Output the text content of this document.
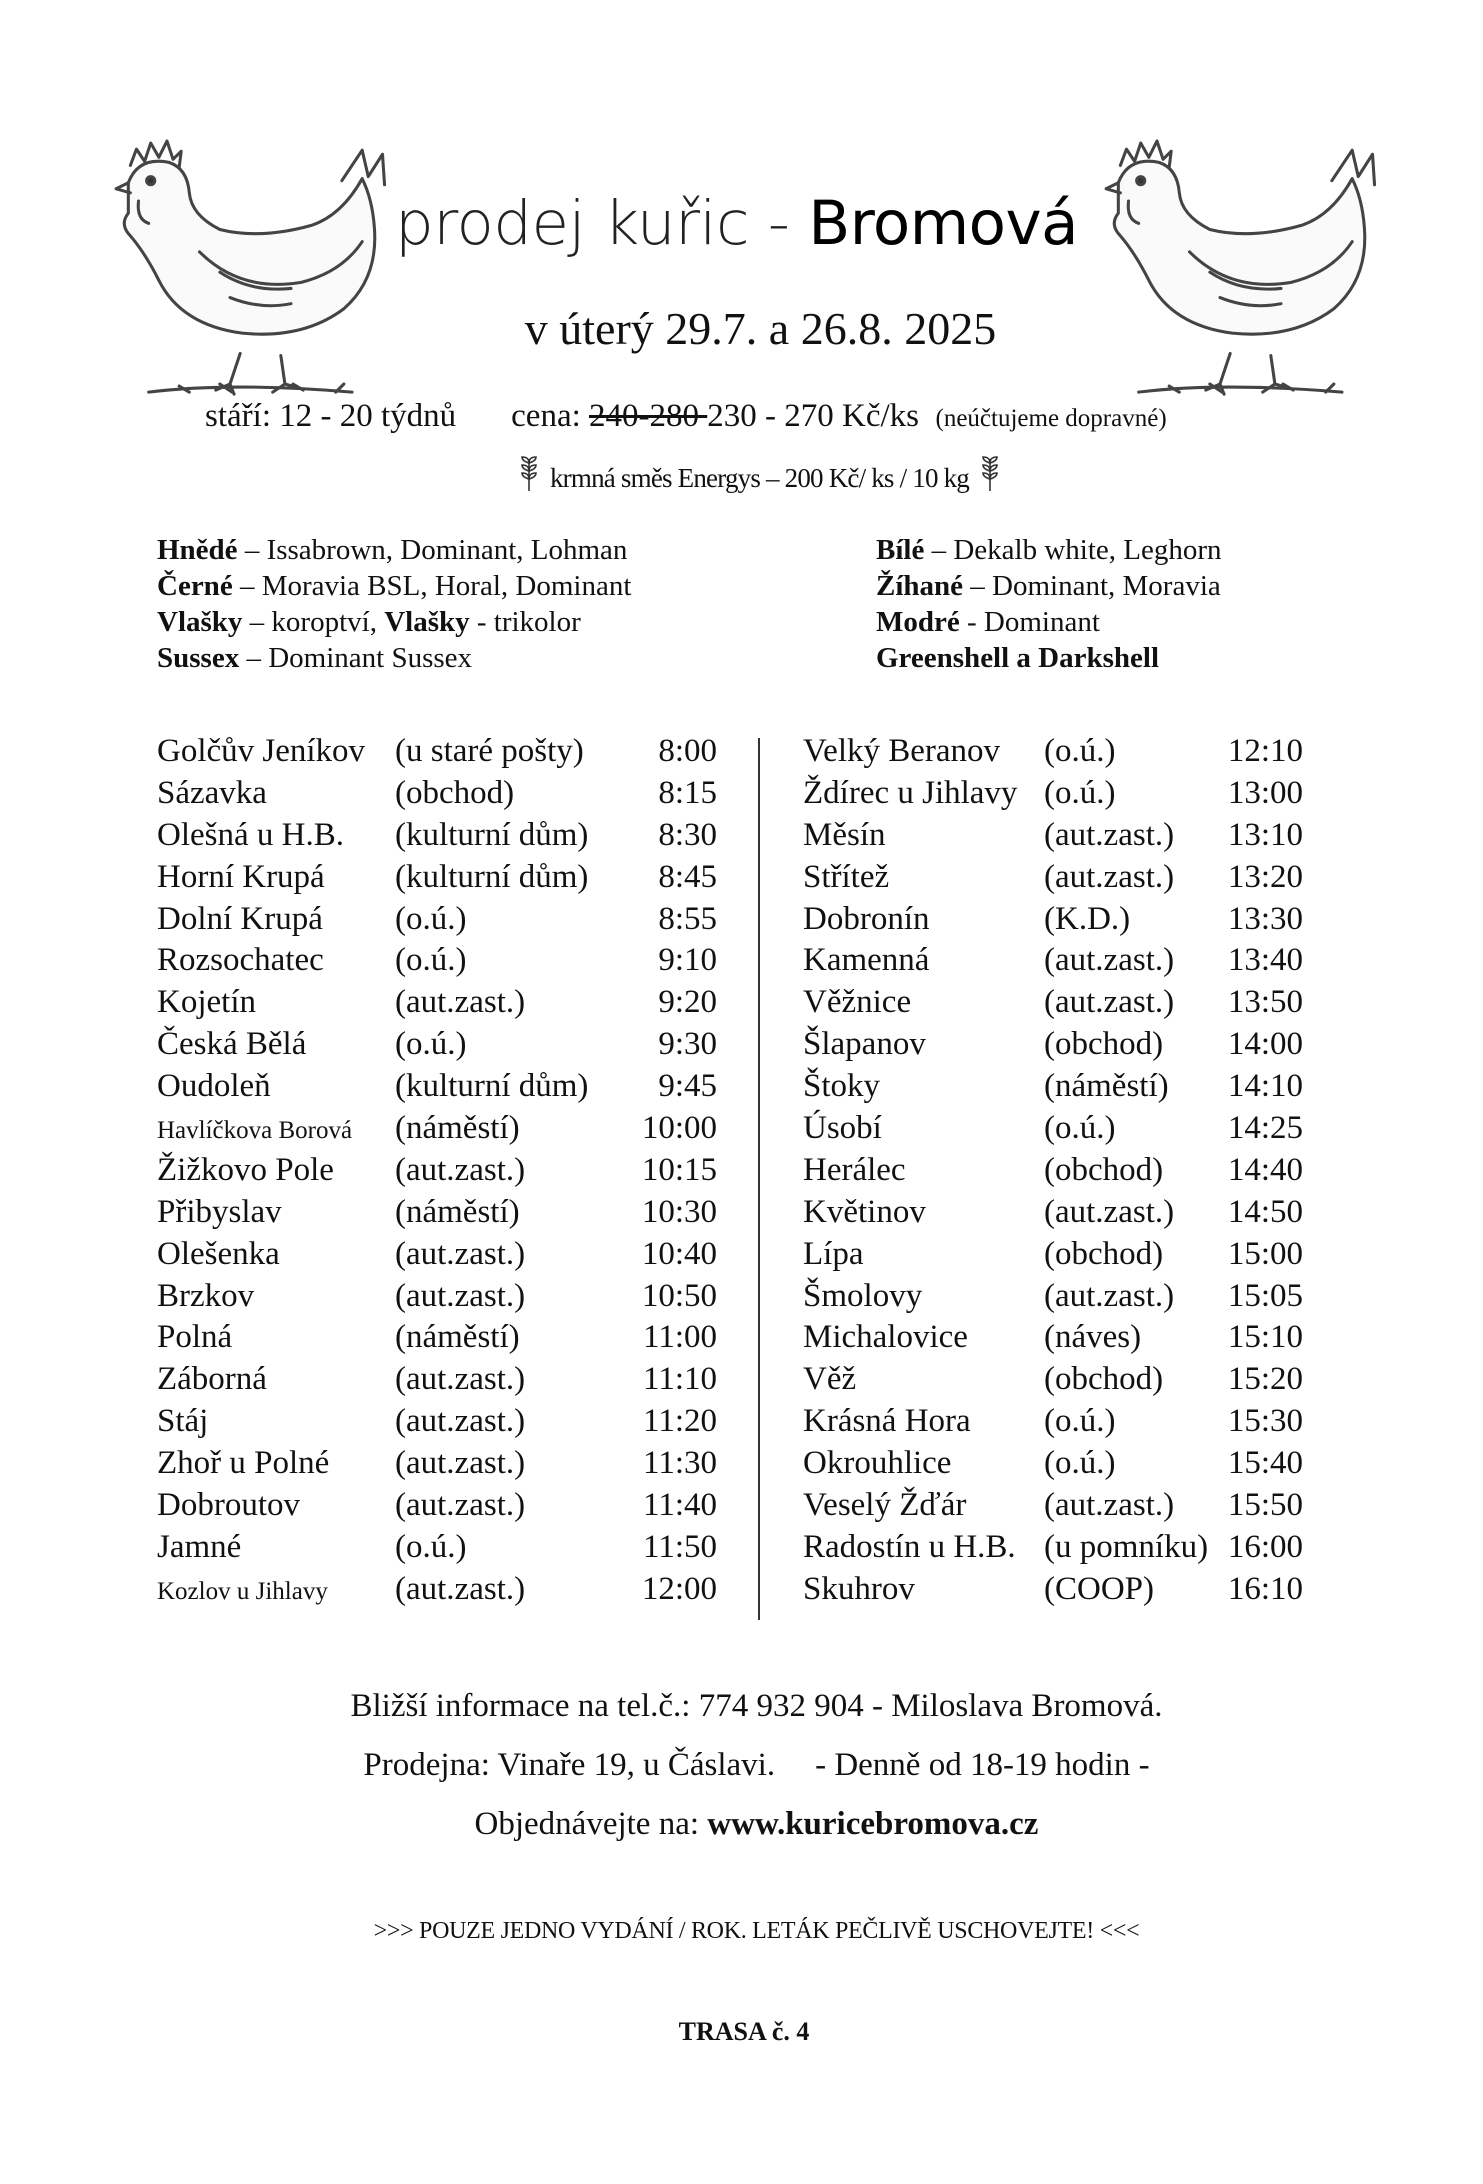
prodej kuřic - Bromová
v úterý 29.7. a 26.8. 2025
stáří: 12 - 20 týdnů cena: 240-280 230 - 270 Kč/ks (neúčtujeme dopravné)
krmná směs Energys – 200 Kč/ ks / 10 kg
Hnědé – Issabrown, Dominant, Lohman
Černé – Moravia BSL, Horal, Dominant
Vlašky – koroptví, Vlašky - trikolor
Sussex – Dominant Sussex
Bílé – Dekalb white, Leghorn
Žíhané – Dominant, Moravia
Modré - Dominant
Greenshell a Darkshell
Golčův Jeníkov (u staré pošty) 8:00
Sázavka	(obchod)	8:15
Olešná u H.B. (kulturní dům) 8:30
Horní Krupá (kulturní dům) 8:45
Dolní Krupá (o.ú.)	8:55
Rozsochatec (o.ú.)	9:10
Kojetín	(aut.zast.)	9:20
Česká Bělá	(o.ú.)	9:30
Oudoleň	(kulturní dům) 9:45
Havlíčkova Borová (náměstí)	10:00
Žižkovo Pole (aut.zast.)	10:15
Přibyslav	(náměstí)	10:30
Olešenka	(aut.zast.)	10:40
Brzkov	(aut.zast.)	10:50
Polná	(náměstí)	11:00
Záborná	(aut.zast.)	11:10
Stáj	(aut.zast.)	11:20
Zhoř u Polné (aut.zast.)	11:30
Dobroutov	(aut.zast.)	11:40
Jamné	(o.ú.)	11:50
Kozlov u Jihlavy (aut.zast.)	12:00
Velký Beranov (o.ú.)	12:10
Ždírec u Jihlavy (o.ú.)	13:00
Měsín	(aut.zast.) 13:10
Střítež	(aut.zast.) 13:20
Dobronín	(K.D.)	13:30
Kamenná	(aut.zast.) 13:40
Věžnice	(aut.zast.) 13:50
Šlapanov	(obchod) 14:00
Štoky	(náměstí) 14:10
Úsobí	(o.ú.)	14:25
Herálec	(obchod) 14:40
Květinov	(aut.zast.) 14:50
Lípa	(obchod) 15:00
Šmolovy	(aut.zast.) 15:05
Michalovice (náves)	15:10
Věž	(obchod) 15:20
Krásná Hora (o.ú.)	15:30
Okrouhlice	(o.ú.)	15:40
Veselý Žďár (aut.zast.) 15:50
Radostín u H.B. (u pomníku) 16:00
Skuhrov	(COOP) 16:10
Bližší informace na tel.č.: 774 932 904 - Miloslava Bromová.
Prodejna: Vinaře 19, u Čáslavi. - Denně od 18-19 hodin -
Objednávejte na: www.kuricebromova.cz
>>> POUZE JEDNO VYDÁNÍ / ROK. LETÁK PEČLIVĚ USCHOVEJTE! <<<
TRASA č. 4
